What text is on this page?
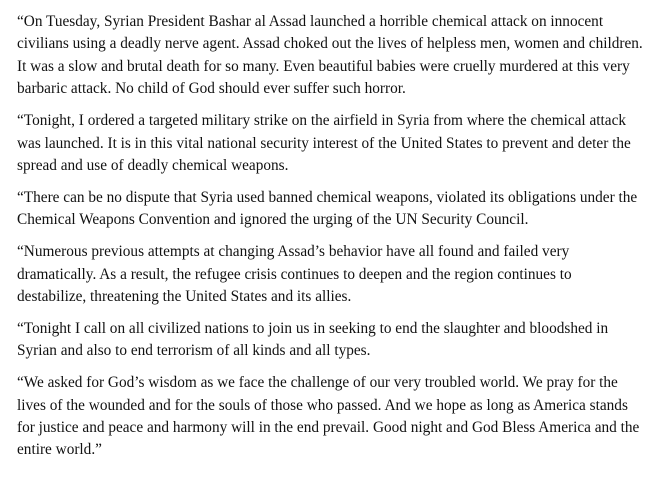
“On Tuesday, Syrian President Bashar al Assad launched a horrible chemical attack on innocent civilians using a deadly nerve agent. Assad choked out the lives of helpless men, women and children. It was a slow and brutal death for so many. Even beautiful babies were cruelly murdered at this very barbaric attack. No child of God should ever suffer such horror.

“Tonight, I ordered a targeted military strike on the airfield in Syria from where the chemical attack was launched. It is in this vital national security interest of the United States to prevent and deter the spread and use of deadly chemical weapons.

“There can be no dispute that Syria used banned chemical weapons, violated its obligations under the Chemical Weapons Convention and ignored the urging of the UN Security Council.

“Numerous previous attempts at changing Assad’s behavior have all found and failed very dramatically. As a result, the refugee crisis continues to deepen and the region continues to destabilize, threatening the United States and its allies.

“Tonight I call on all civilized nations to join us in seeking to end the slaughter and bloodshed in Syrian and also to end terrorism of all kinds and all types.

“We asked for God’s wisdom as we face the challenge of our very troubled world. We pray for the lives of the wounded and for the souls of those who passed. And we hope as long as America stands for justice and peace and harmony will in the end prevail. Good night and God Bless America and the entire world.”
